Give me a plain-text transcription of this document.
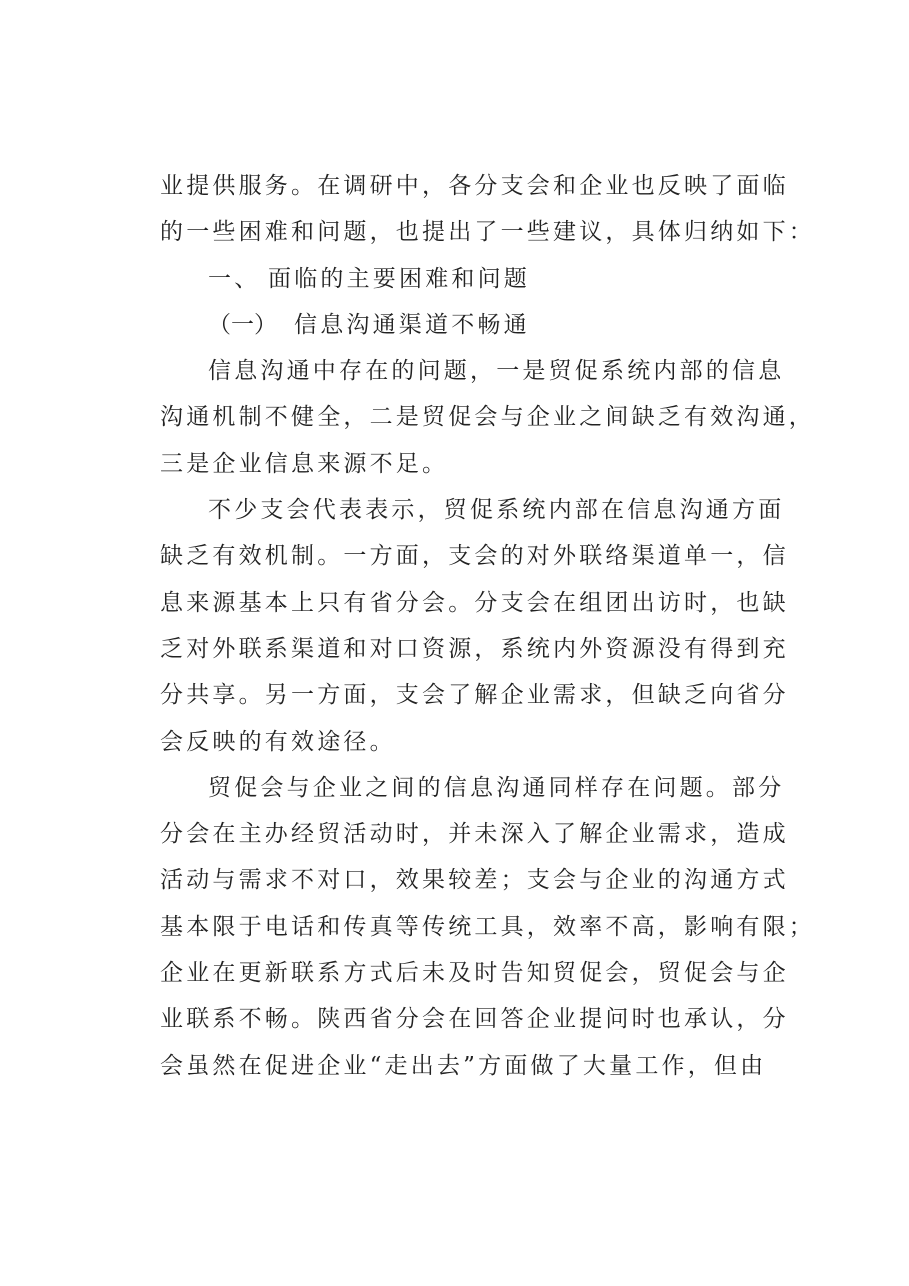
业提供服务。在调研中，各分支会和企业也反映了面临
的一些困难和问题，也提出了一些建议，具体归纳如下：
一、 面临的主要困难和问题
（一） 信息沟通渠道不畅通
信息沟通中存在的问题，一是贸促系统内部的信息
沟通机制不健全，二是贸促会与企业之间缺乏有效沟通，
三是企业信息来源不足。
不少支会代表表示，贸促系统内部在信息沟通方面
缺乏有效机制。一方面，支会的对外联络渠道单一，信
息来源基本上只有省分会。分支会在组团出访时，也缺
乏对外联系渠道和对口资源，系统内外资源没有得到充
分共享。另一方面，支会了解企业需求，但缺乏向省分
会反映的有效途径。
贸促会与企业之间的信息沟通同样存在问题。部分
分会在主办经贸活动时，并未深入了解企业需求，造成
活动与需求不对口，效果较差；支会与企业的沟通方式
基本限于电话和传真等传统工具，效率不高，影响有限；
企业在更新联系方式后未及时告知贸促会，贸促会与企
业联系不畅。陕西省分会在回答企业提问时也承认，分
会虽然在促进企业“走出去”方面做了大量工作，但由
